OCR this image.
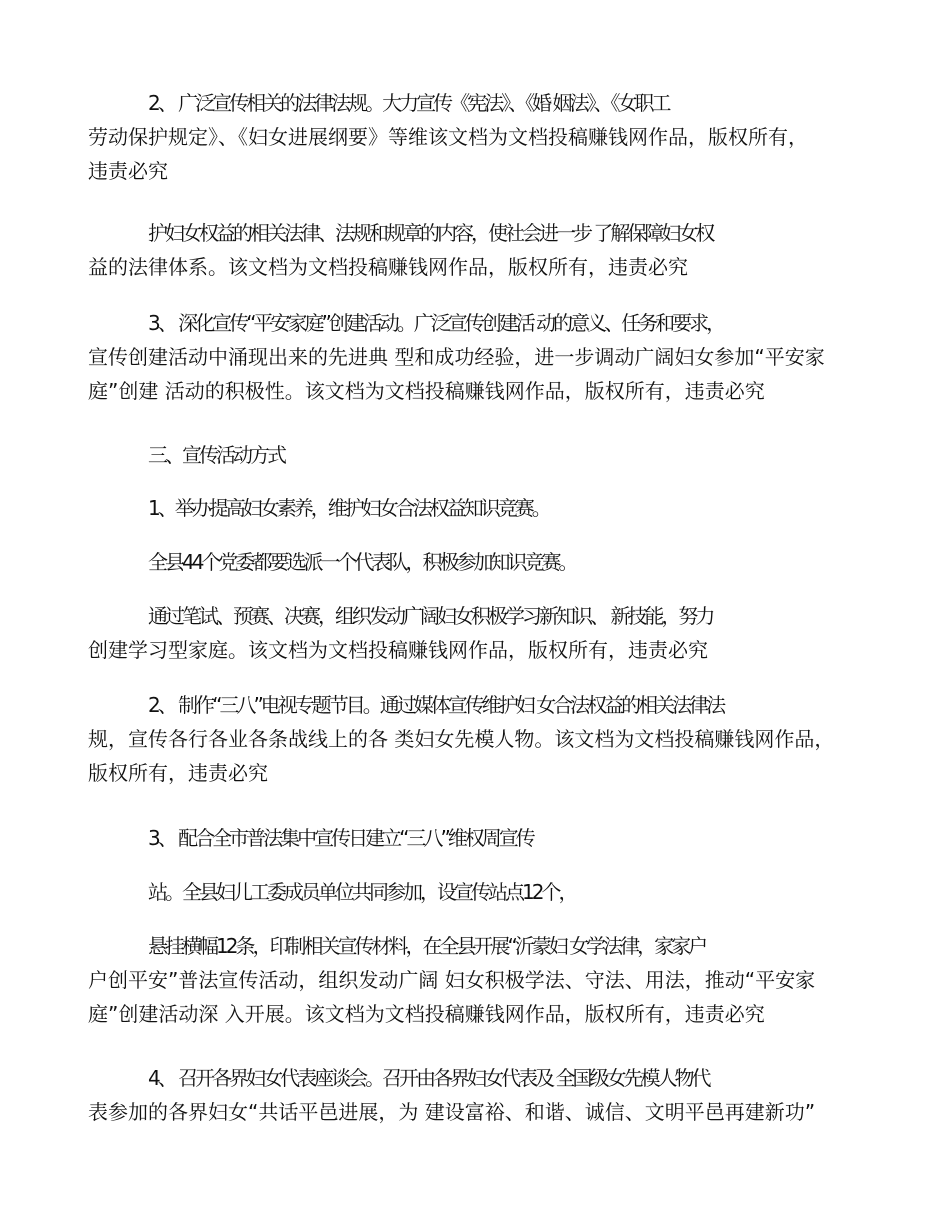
2、 广泛宣传相关的法律法规。大力宣传《宪法》、《婚 姻法》、《女职工
劳动保护规定》、《妇女进展纲要》等维该文档为文档投稿赚钱网作品，版权所有，
违责必究

护妇女权益的相关法律、法规和规章的内容，使社会进一步 了解保障妇女权
益的法律体系。该文档为文档投稿赚钱网作品，版权所有，违责必究

3、 深化宣传“平安家庭”创建活动。广泛宣传创建活 动的意义、任务和要求，
宣传创建活动中涌现出来的先进典 型和成功经验，进一步调动广阔妇女参加“平安家
庭”创建 活动的积极性。该文档为文档投稿赚钱网作品，版权所有，违责必究

三、宣传活动方式

1、举办提高妇女素养，维护妇女合法权益知识竞赛。

全县44个党委都要选派一个代表队，积极参加知识竞赛。

通过笔试、预赛、决赛，组织发动广阔妇女积极学习新知识、 新技能，努力
创建学习型家庭。该文档为文档投稿赚钱网作品，版权所有，违责必究

2、 制作“三八”电视专题节目。通过媒体宣传维护妇 女合法权益的相关法律法
规，宣传各行各业各条战线上的各 类妇女先模人物。该文档为文档投稿赚钱网作品，
版权所有，违责必究

3、 配合全市普法集中宣传日建立“三八”维权周宣传

站。全县妇儿工委成员单位共同参加，设宣传站点12个，

悬挂横幅12条，印制相关宣传材料，在全县开展“沂蒙妇 女学法律，家家户
户创平安”普法宣传活动，组织发动广阔 妇女积极学法、守法、用法，推动“平安家
庭”创建活动深 入开展。该文档为文档投稿赚钱网作品，版权所有，违责必究

4、 召开各界妇女代表座谈会。召开由各界妇女代表及 全国级女先模人物代
表参加的各界妇女“共话平邑进展，为 建设富裕、和谐、诚信、文明平邑再建新功”
